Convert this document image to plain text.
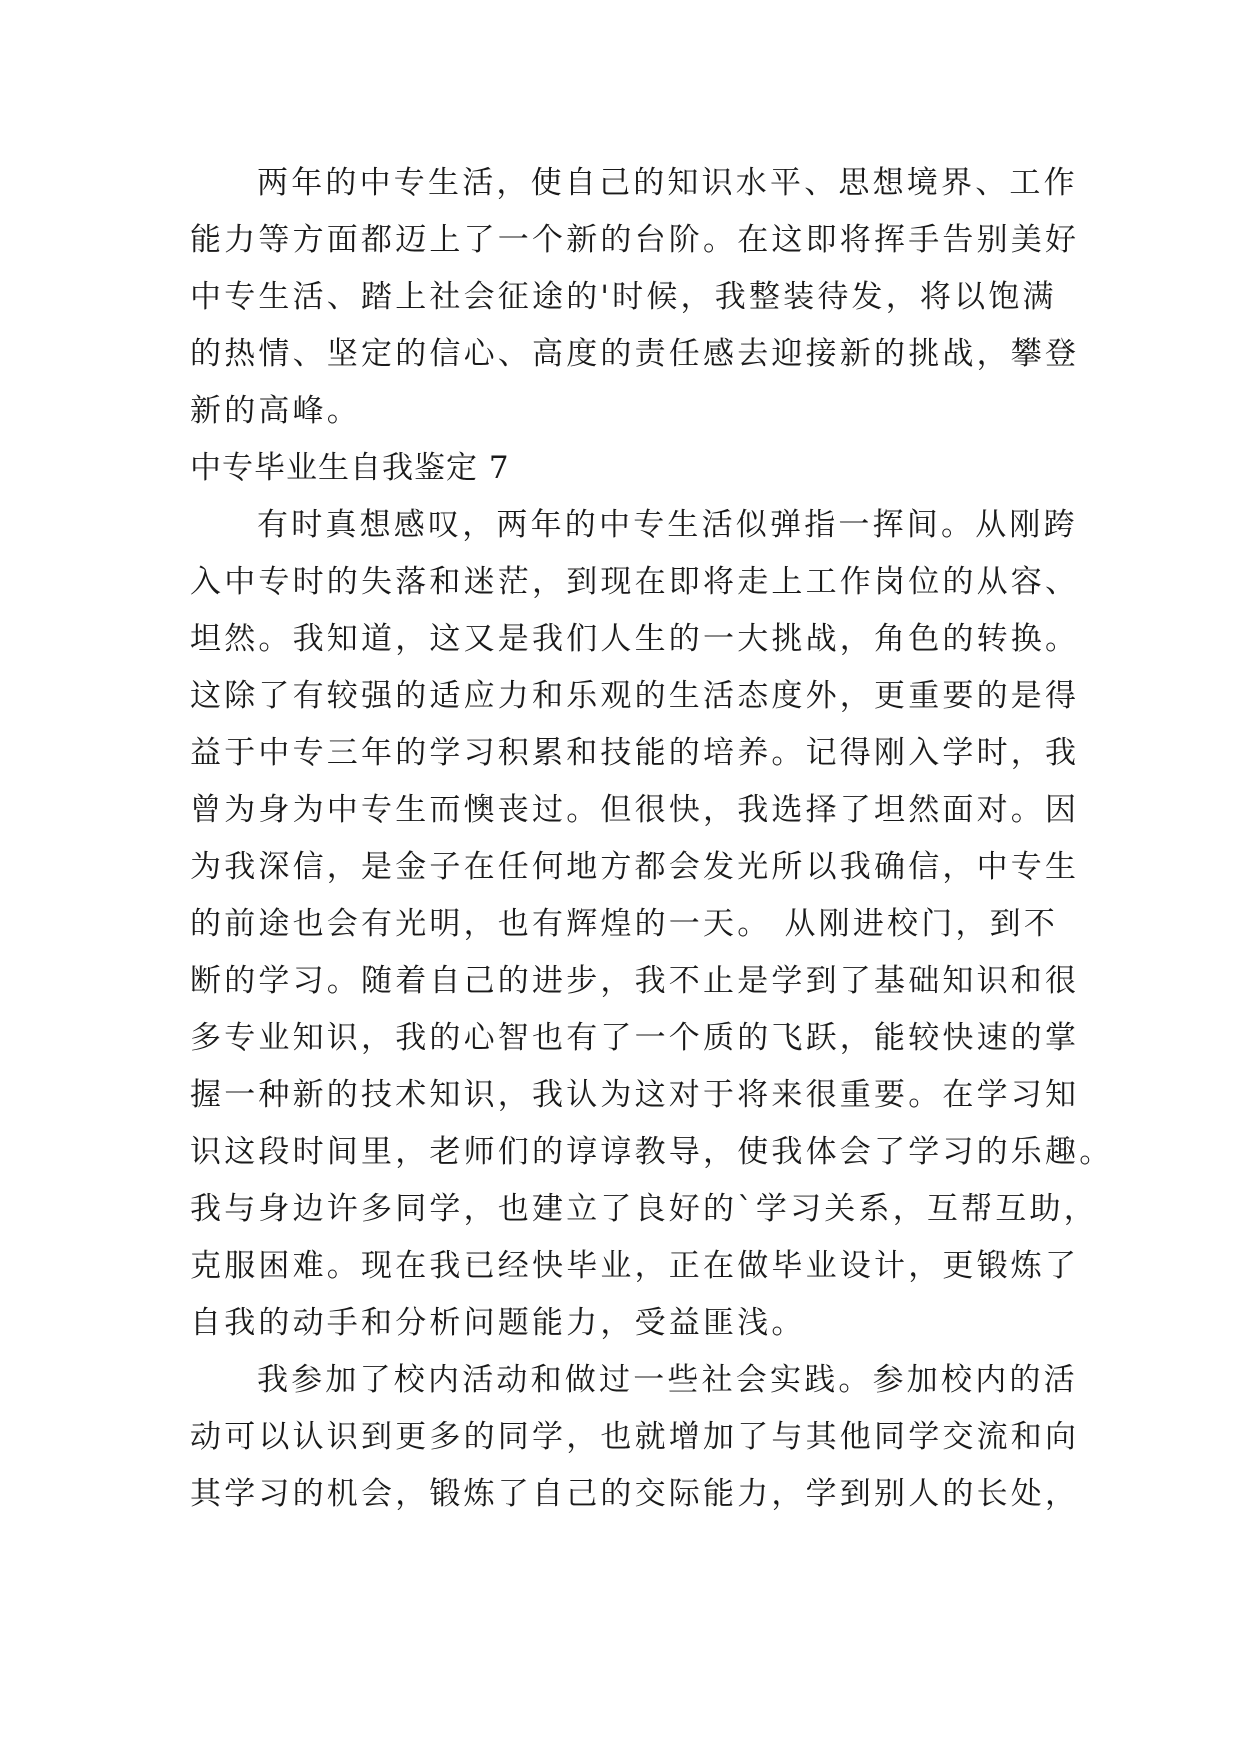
两年的中专生活，使自己的知识水平、思想境界、工作
能力等方面都迈上了一个新的台阶。在这即将挥手告别美好
中专生活、踏上社会征途的'时候，我整装待发，将以饱满
的热情、坚定的信心、高度的责任感去迎接新的挑战，攀登
新的高峰。
中专毕业生自我鉴定 7
有时真想感叹，两年的中专生活似弹指一挥间。从刚跨
入中专时的失落和迷茫，到现在即将走上工作岗位的从容、
坦然。我知道，这又是我们人生的一大挑战，角色的转换。
这除了有较强的适应力和乐观的生活态度外，更重要的是得
益于中专三年的学习积累和技能的培养。记得刚入学时，我
曾为身为中专生而懊丧过。但很快，我选择了坦然面对。因
为我深信，是金子在任何地方都会发光所以我确信，中专生
的前途也会有光明，也有辉煌的一天。 从刚进校门，到不
断的学习。随着自己的进步，我不止是学到了基础知识和很
多专业知识，我的心智也有了一个质的飞跃，能较快速的掌
握一种新的技术知识，我认为这对于将来很重要。在学习知
识这段时间里，老师们的谆谆教导，使我体会了学习的乐趣。
我与身边许多同学，也建立了良好的`学习关系，互帮互助，
克服困难。现在我已经快毕业，正在做毕业设计，更锻炼了
自我的动手和分析问题能力，受益匪浅。
我参加了校内活动和做过一些社会实践。参加校内的活
动可以认识到更多的同学，也就增加了与其他同学交流和向
其学习的机会，锻炼了自己的交际能力，学到别人的长处，
